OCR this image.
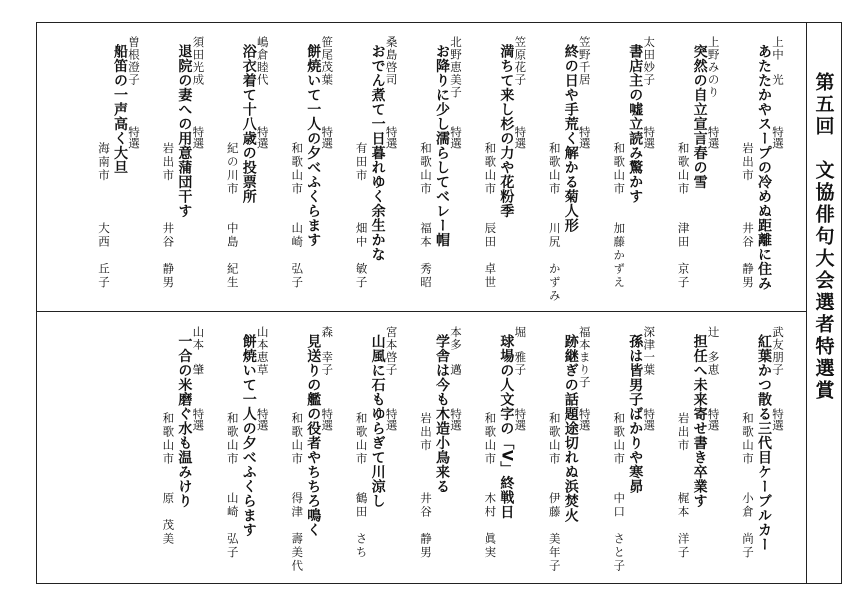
第五回　文協俳句大会選者特選賞
上中　光
特選
あたたかやスープの冷めぬ距離に住み
岩出市
井谷　静男
上野みのり
特選
突然の自立宣言春の雪
和歌山市
津田　京子
太田妙子
特選
書店主の嘘立読み驚かす
和歌山市
加藤かずえ
笠野千居
特選
終の日や手荒く解かる菊人形
和歌山市
川尻　かずみ
笠原花子
特選
満ちて来し杉の力や花粉季
和歌山市
辰田　卓世
北野恵美子
特選
お降りに少し濡らしてベレー帽
和歌山市
福本　秀昭
桑島啓司
特選
おでん煮て一日暮れゆく余生かな
有田市
畑中　敏子
笹尾茂葉
特選
餅焼いて一人の夕べふくらます
和歌山市
山崎　弘子
嶋倉睦代
特選
浴衣着て十八歳の投票所
紀の川市
中島　紀生
須田光成
特選
退院の妻への用意蒲団干す
岩出市
井谷　静男
曽根澄子
特選
船笛の一声高く大旦
海南市
大西　丘子
武友朋子
特選
紅葉かつ散る三代目ケーブルカー
和歌山市
小倉　尚子
辻　多恵
特選
担任へ未来寄せ書き卒業す
岩出市
梶本　洋子
深津一葉
特選
孫は皆男子ばかりや寒昴
和歌山市
中口　さと子
福本まり子
特選
跡継ぎの話題途切れぬ浜焚火
和歌山市
伊藤　美年子
堀　雅子
特選
球場の人文字の「V」終戦日
和歌山市
木村　眞実
本多　邁
特選
学舎は今も木造小鳥来る
岩出市
井谷　静男
宮本啓子
特選
山風に石もゆらぎて川涼し
和歌山市
鶴田　さち
森　幸子
特選
見送りの艦の役者やちちろ鳴く
和歌山市
得津　壽美代
山本恵草
特選
餅焼いて一人の夕べふくらます
和歌山市
山崎　弘子
山本　肇
特選
一合の米磨ぐ水も温みけり
和歌山市
原　茂美
